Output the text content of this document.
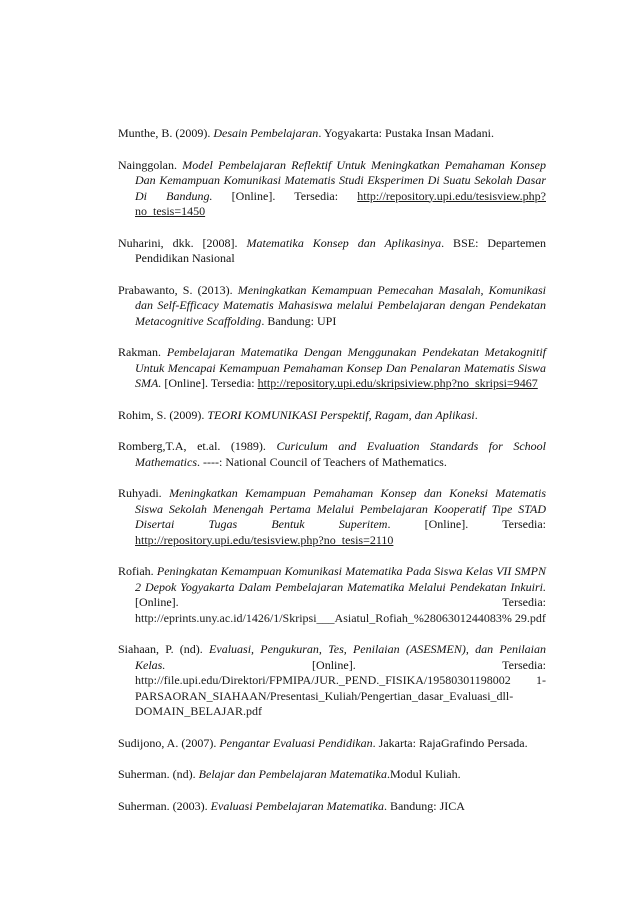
Munthe, B. (2009). Desain Pembelajaran. Yogyakarta: Pustaka Insan Madani.

Nainggolan. Model Pembelajaran Reflektif Untuk Meningkatkan Pemahaman Konsep Dan Kemampuan Komunikasi Matematis Studi Eksperimen Di Suatu Sekolah Dasar Di Bandung. [Online]. Tersedia: http://repository.upi.edu/tesisview.php?no_tesis=1450

Nuharini, dkk. [2008]. Matematika Konsep dan Aplikasinya. BSE: Departemen Pendidikan Nasional

Prabawanto, S. (2013). Meningkatkan Kemampuan Pemecahan Masalah, Komunikasi dan Self-Efficacy Matematis Mahasiswa melalui Pembelajaran dengan Pendekatan Metacognitive Scaffolding. Bandung: UPI

Rakman. Pembelajaran Matematika Dengan Menggunakan Pendekatan Metakognitif Untuk Mencapai Kemampuan Pemahaman Konsep Dan Penalaran Matematis Siswa SMA. [Online]. Tersedia: http://repository.upi.edu/skripsiview.php?no_skripsi=9467

Rohim, S. (2009). TEORI KOMUNIKASI Perspektif, Ragam, dan Aplikasi.

Romberg,T.A, et.al. (1989). Curiculum and Evaluation Standards for School Mathematics. ----: National Council of Teachers of Mathematics.

Ruhyadi. Meningkatkan Kemampuan Pemahaman Konsep dan Koneksi Matematis Siswa Sekolah Menengah Pertama Melalui Pembelajaran Kooperatif Tipe STAD Disertai Tugas Bentuk Superitem. [Online]. Tersedia: http://repository.upi.edu/tesisview.php?no_tesis=2110

Rofiah. Peningkatan Kemampuan Komunikasi Matematika Pada Siswa Kelas VII SMPN 2 Depok Yogyakarta Dalam Pembelajaran Matematika Melalui Pendekatan Inkuiri. [Online]. Tersedia: http://eprints.uny.ac.id/1426/1/Skripsi___Asiatul_Rofiah_%2806301244083% 29.pdf

Siahaan, P. (nd). Evaluasi, Pengukuran, Tes, Penilaian (ASESMEN), dan Penilaian Kelas. [Online]. Tersedia: http://file.upi.edu/Direktori/FPMIPA/JUR._PEND._FISIKA/19580301198002 1-PARSAORAN_SIAHAAN/Presentasi_Kuliah/Pengertian_dasar_Evaluasi_dll-DOMAIN_BELAJAR.pdf

Sudijono, A. (2007). Pengantar Evaluasi Pendidikan. Jakarta: RajaGrafindo Persada.

Suherman. (nd). Belajar dan Pembelajaran Matematika.Modul Kuliah.

Suherman. (2003). Evaluasi Pembelajaran Matematika. Bandung: JICA
